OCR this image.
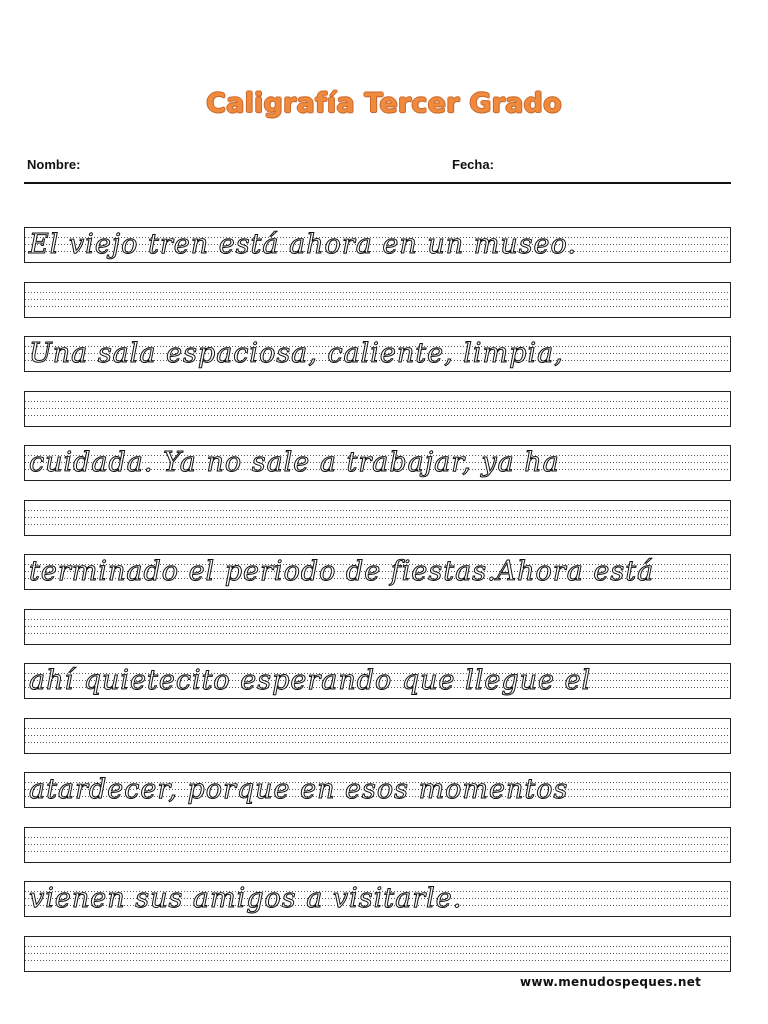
Caligrafía Tercer Grado
Nombre:	Fecha:
El viejo tren está ahora en un museo.
Una sala espaciosa, caliente, limpia,
cuidada. Ya no sale a trabajar, ya ha
terminado el periodo de fiestas.Ahora está
ahí quietecito esperando que llegue el
atardecer, porque en esos momentos
vienen sus amigos a visitarle.
www.menudospeques.net
